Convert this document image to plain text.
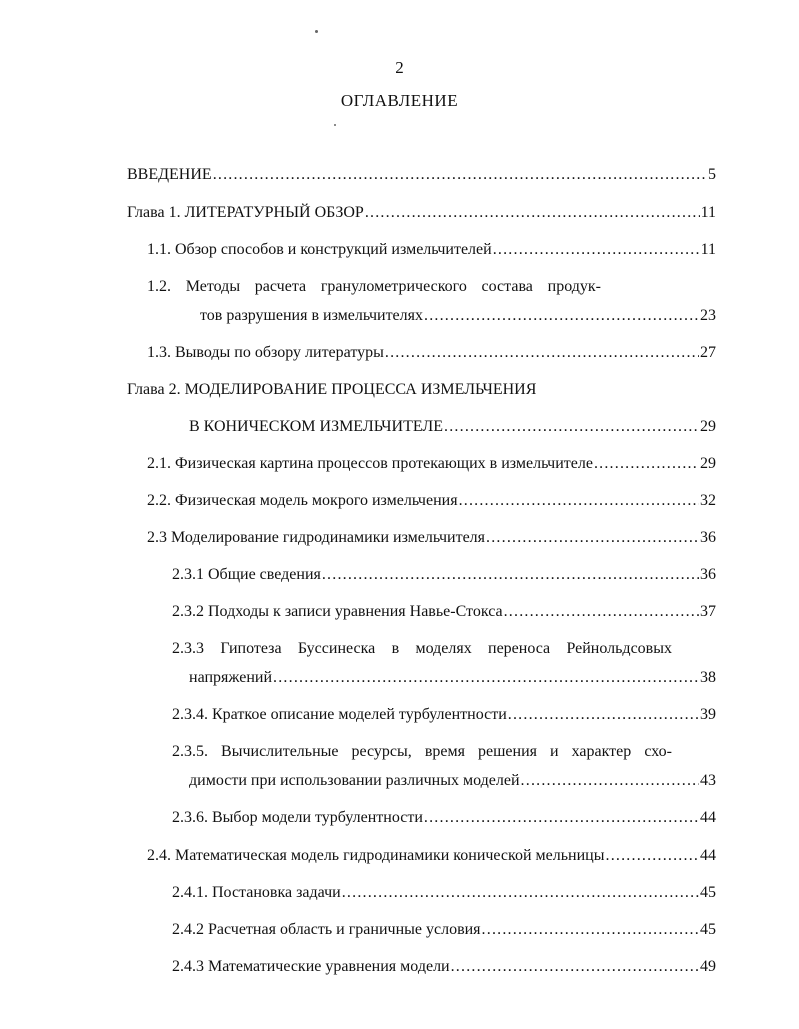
2
ОГЛАВЛЕНИЕ
ВВЕДЕНИЕ .....	5
Глава 1. ЛИТЕРАТУРНЫЙ ОБЗОР .....	11
1.1. Обзор способов и конструкций измельчителей .....	11
1.2. Методы расчета гранулометрического состава продук-
тов разрушения в измельчителях .....	23
1.3. Выводы по обзору литературы .....	27
Глава 2. МОДЕЛИРОВАНИЕ ПРОЦЕССА ИЗМЕЛЬЧЕНИЯ
В КОНИЧЕСКОМ ИЗМЕЛЬЧИТЕЛЕ .....	29
2.1. Физическая картина процессов протекающих в измельчителе .....	29
2.2. Физическая модель мокрого измельчения .....	32
2.3 Моделирование гидродинамики измельчителя .....	36
2.3.1 Общие сведения .....	36
2.3.2 Подходы к записи уравнения Навье-Стокса .....	37
2.3.3 Гипотеза Буссинеска в моделях переноса Рейнольдсовых
напряжений .....	38
2.3.4. Краткое описание моделей турбулентности .....	39
2.3.5. Вычислительные ресурсы, время решения и характер схо-
димости при использовании различных моделей .....	43
2.3.6. Выбор модели турбулентности .....	44
2.4. Математическая модель гидродинамики конической мельницы .....	44
2.4.1. Постановка задачи .....	45
2.4.2 Расчетная область и граничные условия .....	45
2.4.3 Математические уравнения модели .....	49
